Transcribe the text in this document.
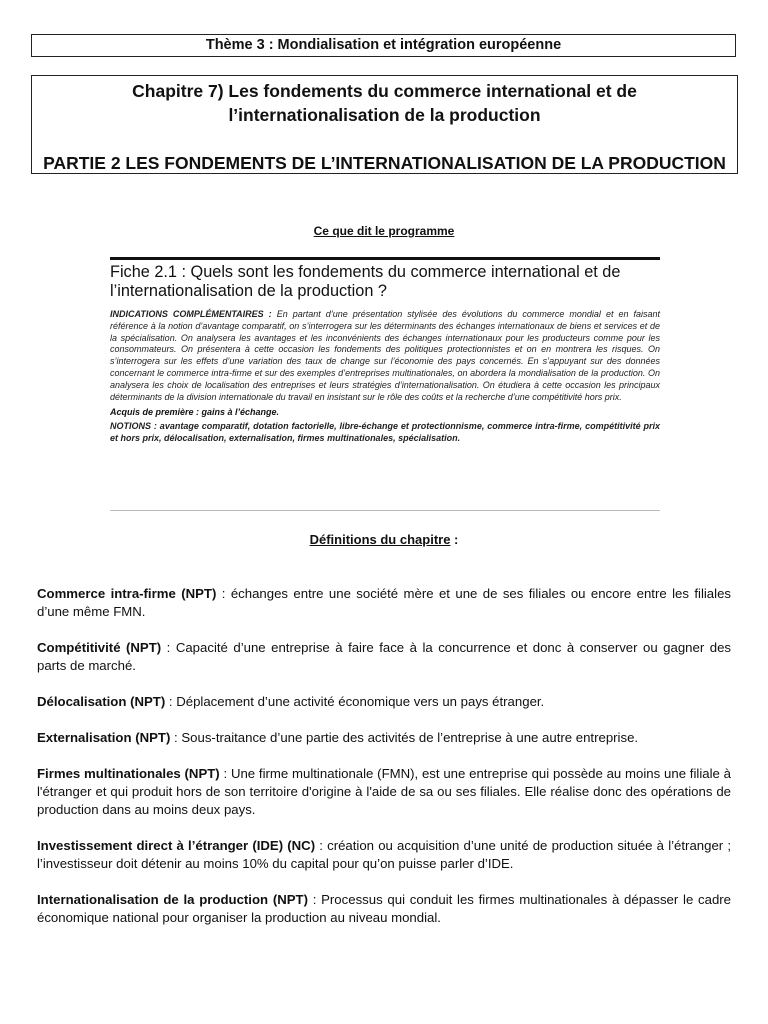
Thème 3 : Mondialisation et intégration européenne
Chapitre 7) Les fondements du commerce international et de
l’internationalisation de la production
PARTIE 2 LES FONDEMENTS DE L’INTERNATIONALISATION DE LA PRODUCTION
Ce que dit le programme
Fiche 2.1 : Quels sont les fondements du commerce international et de l’internationalisation de la production ?
INDICATIONS COMPLÉMENTAIRES : En partant d’une présentation stylisée des évolutions du commerce mondial et en faisant référence à la notion d’avantage comparatif, on s’interrogera sur les déterminants des échanges internationaux de biens et services et de la spécialisation. On analysera les avantages et les inconvénients des échanges internationaux pour les producteurs comme pour les consommateurs. On présentera à cette occasion les fondements des politiques protectionnistes et on en montrera les risques. On s’interrogera sur les effets d’une variation des taux de change sur l’économie des pays concernés. En s’appuyant sur des données concernant le commerce intra-firme et sur des exemples d’entreprises multinationales, on abordera la mondialisation de la production. On analysera les choix de localisation des entreprises et leurs stratégies d’internationalisation. On étudiera à cette occasion les principaux déterminants de la division internationale du travail en insistant sur le rôle des coûts et la recherche d’une compétitivité hors prix.
Acquis de première : gains à l’échange.
NOTIONS : avantage comparatif, dotation factorielle, libre-échange et protectionnisme, commerce intra-firme, compétitivité prix et hors prix, délocalisation, externalisation, firmes multinationales, spécialisation.
Définitions du chapitre :
Commerce intra-firme (NPT) : échanges entre une société mère et une de ses filiales ou encore entre les filiales d’une même FMN.
Compétitivité (NPT) : Capacité d’une entreprise à faire face à la concurrence et donc à conserver ou gagner des parts de marché.
Délocalisation (NPT) : Déplacement d’une activité économique vers un pays étranger.
Externalisation (NPT) : Sous-traitance d’une partie des activités de l’entreprise à une autre entreprise.
Firmes multinationales (NPT) : Une firme multinationale (FMN), est une entreprise qui possède au moins une filiale à l'étranger et qui produit hors de son territoire d'origine à l'aide de sa ou ses filiales. Elle réalise donc des opérations de production dans au moins deux pays.
Investissement direct à l’étranger (IDE) (NC) : création ou acquisition d’une unité de production située à l’étranger ; l’investisseur doit détenir au moins 10% du capital pour qu’on puisse parler d’IDE.
Internationalisation de la production (NPT) : Processus qui conduit les firmes multinationales à dépasser le cadre économique national pour organiser la production au niveau mondial.
